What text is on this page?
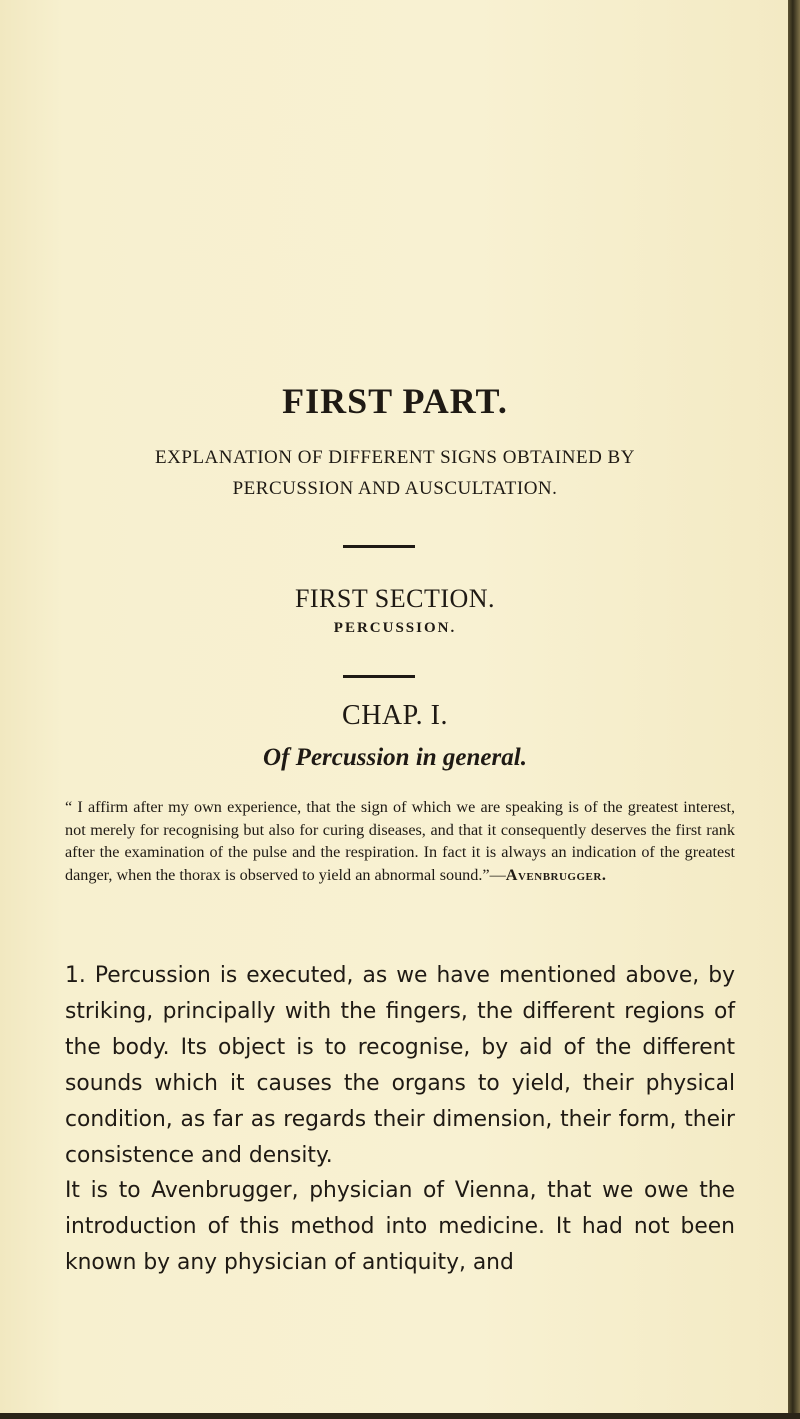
FIRST PART.
EXPLANATION OF DIFFERENT SIGNS OBTAINED BY
PERCUSSION AND AUSCULTATION.
FIRST SECTION.
PERCUSSION.
CHAP. I.
Of Percussion in general.
“ I affirm after my own experience, that the sign of which we are speaking is of the greatest interest, not merely for recognising but also for curing diseases, and that it consequently deserves the first rank after the examination of the pulse and the respiration. In fact it is always an indication of the greatest danger, when the thorax is observed to yield an abnormal sound.”—Avenbrugger.

1. Percussion is executed, as we have mentioned above, by striking, principally with the fingers, the different regions of the body. Its object is to recognise, by aid of the different sounds which it causes the organs to yield, their physical condition, as far as regards their dimension, their form, their consistence and density.

It is to Avenbrugger, physician of Vienna, that we owe the introduction of this method into medicine. It had not been known by any physician of antiquity, and
